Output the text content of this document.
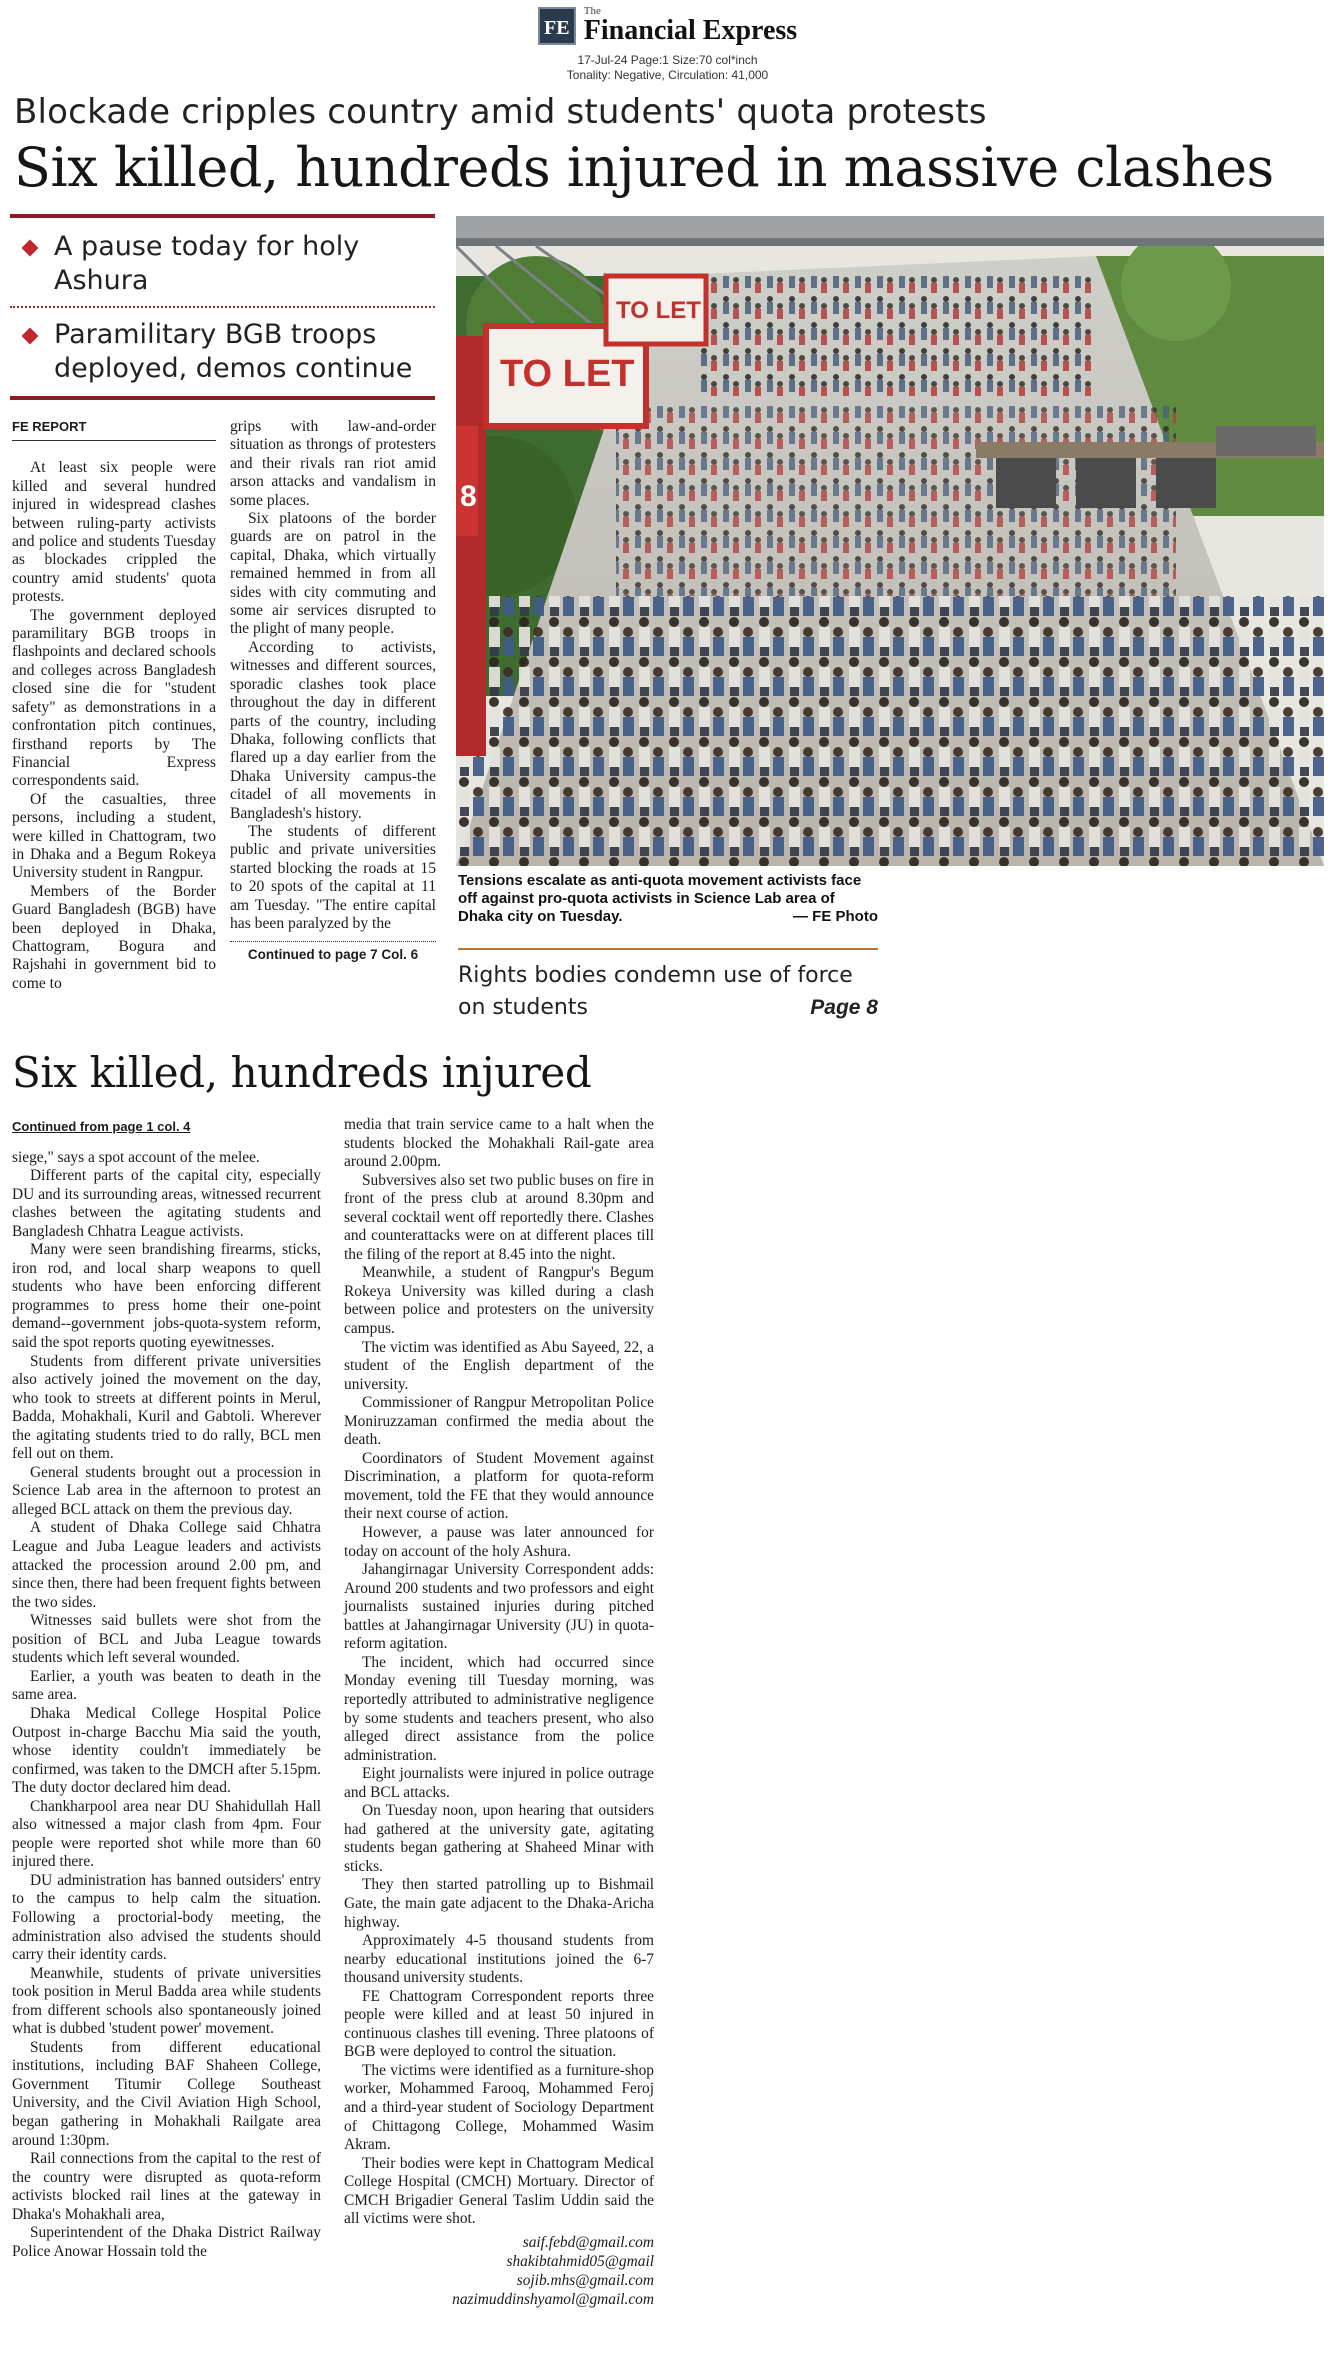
FE
The
Financial Express
17-Jul-24 Page:1 Size:70 col*inch
Tonality: Negative, Circulation: 41,000
Blockade cripples country amid students' quota protests
Six killed, hundreds injured in massive clashes
A pause today for holy Ashura
Paramilitary BGB troops deployed, demos continue
FE REPORT

At least six people were killed and several hundred injured in widespread clashes between ruling-party activists and police and students Tuesday as blockades crippled the country amid students' quota protests.

The government deployed paramilitary BGB troops in flashpoints and declared schools and colleges across Bangladesh closed sine die for "student safety" as demonstrations in a confrontation pitch continues, firsthand reports by The Financial Express correspondents said.

Of the casualties, three persons, including a student, were killed in Chattogram, two in Dhaka and a Begum Rokeya University student in Rangpur.

Members of the Border Guard Bangladesh (BGB) have been deployed in Dhaka, Chattogram, Bogura and Rajshahi in government bid to come to

grips with law-and-order situation as throngs of protesters and their rivals ran riot amid arson attacks and vandalism in some places.

Six platoons of the border guards are on patrol in the capital, Dhaka, which virtually remained hemmed in from all sides with city commuting and some air services disrupted to the plight of many people.

According to activists, witnesses and different sources, sporadic clashes took place throughout the day in different parts of the country, including Dhaka, following conflicts that flared up a day earlier from the Dhaka University campus-the citadel of all movements in Bangladesh's history.

The students of different public and private universities started blocking the roads at 15 to 20 spots of the capital at 11 am Tuesday. "The entire capital has been paralyzed by the

Continued to page 7 Col. 6
8
TO LET
TO LET
Tensions escalate as anti-quota movement activists face off against pro-quota activists in Science Lab area of Dhaka city on Tuesday.	— FE Photo
Rights bodies condemn use of force on students	Page 8
Six killed, hundreds injured
Continued from page 1 col. 4

siege," says a spot account of the melee.

Different parts of the capital city, especially DU and its surrounding areas, witnessed recurrent clashes between the agitating students and Bangladesh Chhatra League activists.

Many were seen brandishing firearms, sticks, iron rod, and local sharp weapons to quell students who have been enforcing different programmes to press home their one-point demand--government jobs-quota-system reform, said the spot reports quoting eyewitnesses.

Students from different private universities also actively joined the movement on the day, who took to streets at different points in Merul, Badda, Mohakhali, Kuril and Gabtoli. Wherever the agitating students tried to do rally, BCL men fell out on them.

General students brought out a procession in Science Lab area in the afternoon to protest an alleged BCL attack on them the previous day.

A student of Dhaka College said Chhatra League and Juba League leaders and activists attacked the procession around 2.00 pm, and since then, there had been frequent fights between the two sides.

Witnesses said bullets were shot from the position of BCL and Juba League towards students which left several wounded.

Earlier, a youth was beaten to death in the same area.

Dhaka Medical College Hospital Police Outpost in-charge Bacchu Mia said the youth, whose identity couldn't immediately be confirmed, was taken to the DMCH after 5.15pm. The duty doctor declared him dead.

Chankharpool area near DU Shahidullah Hall also witnessed a major clash from 4pm. Four people were reported shot while more than 60 injured there.

DU administration has banned outsiders' entry to the campus to help calm the situation. Following a proctorial-body meeting, the administration also advised the students should carry their identity cards.

Meanwhile, students of private universities took position in Merul Badda area while students from different schools also spontaneously joined what is dubbed 'student power' movement.

Students from different educational institutions, including BAF Shaheen College, Government Titumir College Southeast University, and the Civil Aviation High School, began gathering in Mohakhali Railgate area around 1:30pm.

Rail connections from the capital to the rest of the country were disrupted as quota-reform activists blocked rail lines at the gateway in Dhaka's Mohakhali area,

Superintendent of the Dhaka District Railway Police Anowar Hossain told the

media that train service came to a halt when the students blocked the Mohakhali Rail-gate area around 2.00pm.

Subversives also set two public buses on fire in front of the press club at around 8.30pm and several cocktail went off reportedly there. Clashes and counterattacks were on at different places till the filing of the report at 8.45 into the night.

Meanwhile, a student of Rangpur's Begum Rokeya University was killed during a clash between police and protesters on the university campus.

The victim was identified as Abu Sayeed, 22, a student of the English department of the university.

Commissioner of Rangpur Metropolitan Police Moniruzzaman confirmed the media about the death.

Coordinators of Student Movement against Discrimination, a platform for quota-reform movement, told the FE that they would announce their next course of action.

However, a pause was later announced for today on account of the holy Ashura.

Jahangirnagar University Correspondent adds: Around 200 students and two professors and eight journalists sustained injuries during pitched battles at Jahangirnagar University (JU) in quota-reform agitation.

The incident, which had occurred since Monday evening till Tuesday morning, was reportedly attributed to administrative negligence by some students and teachers present, who also alleged direct assistance from the police administration.

Eight journalists were injured in police outrage and BCL attacks.

On Tuesday noon, upon hearing that outsiders had gathered at the university gate, agitating students began gathering at Shaheed Minar with sticks.

They then started patrolling up to Bishmail Gate, the main gate adjacent to the Dhaka-Aricha highway.

Approximately 4-5 thousand students from nearby educational institutions joined the 6-7 thousand university students.

FE Chattogram Correspondent reports three people were killed and at least 50 injured in continuous clashes till evening. Three platoons of BGB were deployed to control the situation.

The victims were identified as a furniture-shop worker, Mohammed Farooq, Mohammed Feroj and a third-year student of Sociology Department of Chittagong College, Mohammed Wasim Akram.

Their bodies were kept in Chattogram Medical College Hospital (CMCH) Mortuary. Director of CMCH Brigadier General Taslim Uddin said the all victims were shot.

saif.febd@gmail.com
shakibtahmid05@gmail
sojib.mhs@gmail.com
nazimuddinshyamol@gmail.com
